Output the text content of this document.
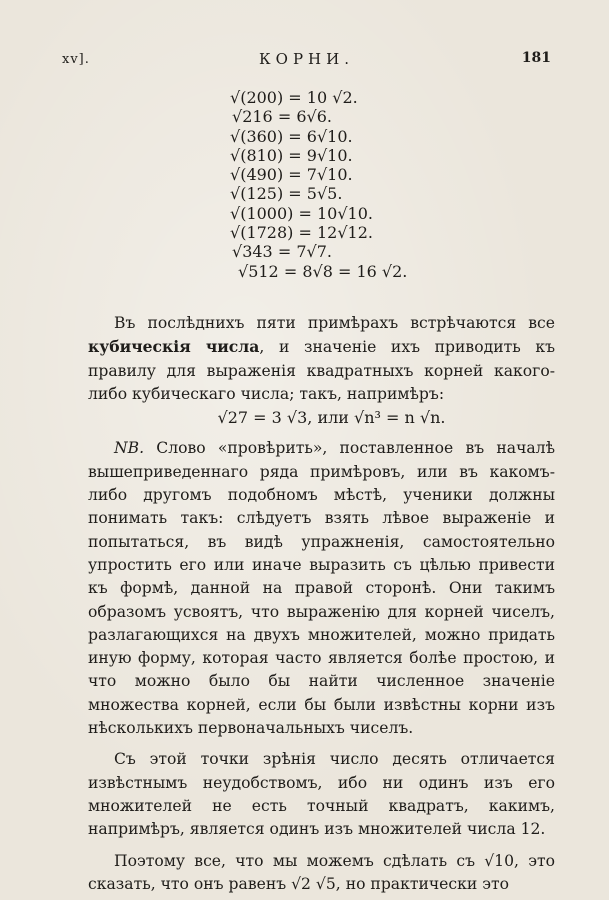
xv].	КОРНИ.	181
√(200) = 10 √2.
√216 = 6√6.
√(360) = 6√10.
√(810) = 9√10.
√(490) = 7√10.
√(125) = 5√5.
√(1000) = 10√10.
√(1728) = 12√12.
√343 = 7√7.
√512 = 8√8 = 16 √2.

Въ послѣднихъ пяти примѣрахъ встрѣчаются все кубическія числа, и значеніе ихъ приводить къ правилу для выраженія квадратныхъ корней какого-либо кубическаго числа; такъ, напримѣръ:

√27 = 3 √3, или √n³ = n √n.

NB. Слово «провѣрить», поставленное въ началѣ вышеприведеннаго ряда примѣровъ, или въ какомъ-либо другомъ подобномъ мѣстѣ, ученики должны понимать такъ: слѣдуетъ взять лѣвое выраженіе и попытаться, въ видѣ упражненія, самостоятельно упростить его или иначе выразить съ цѣлью привести къ формѣ, данной на правой сторонѣ. Они такимъ образомъ усвоятъ, что выраженію для корней чиселъ, разлагающихся на двухъ множителей, можно придать иную форму, которая часто является болѣе простою, и что можно было бы найти численное значеніе множества корней, если бы были извѣстны корни изъ нѣсколькихъ первоначальныхъ чиселъ.

Съ этой точки зрѣнія число десять отличается извѣстнымъ неудобствомъ, ибо ни одинъ изъ его множителей не есть точный квадратъ, какимъ, напримѣръ, является одинъ изъ множителей числа 12.

Поэтому все, что мы можемъ сдѣлать съ √10, это сказать, что онъ равенъ √2 √5, но практически это
